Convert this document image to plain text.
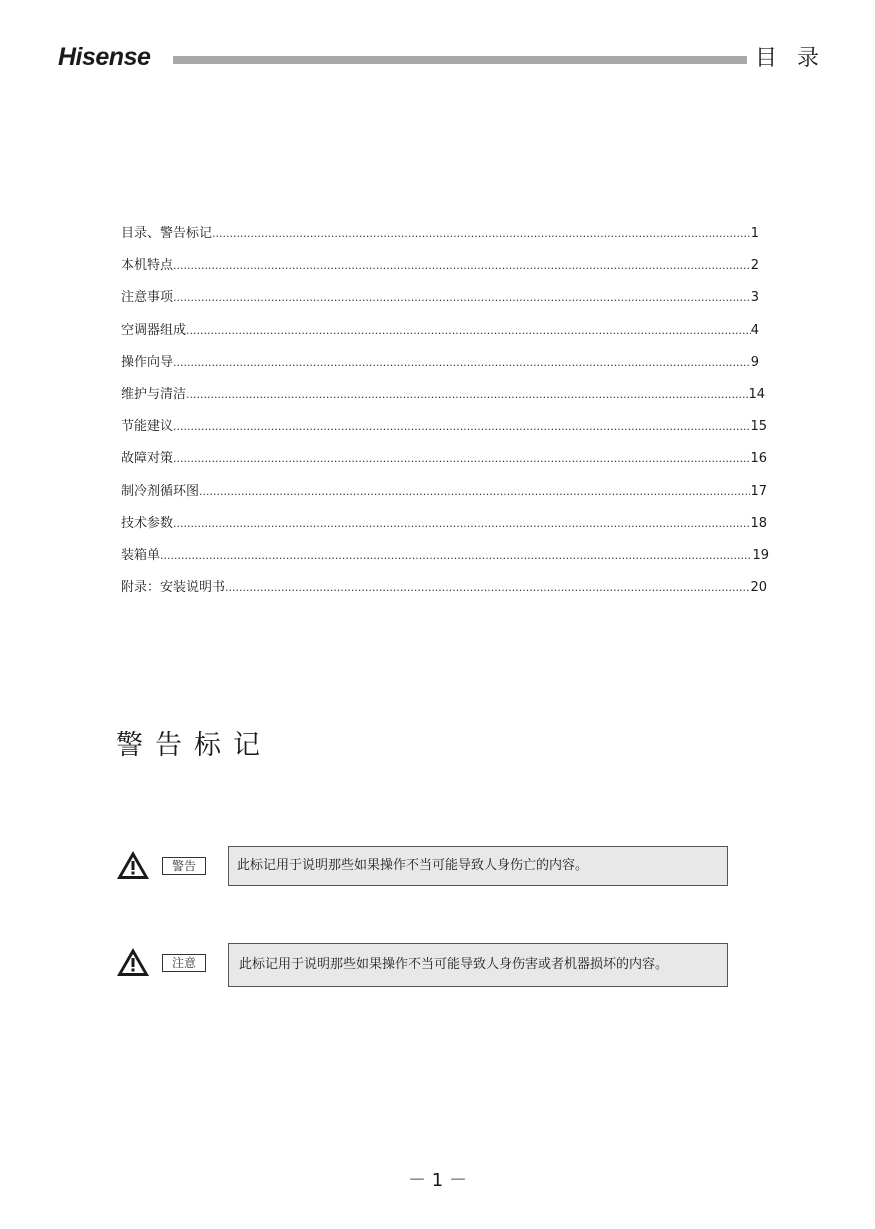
Hisense	目录
目录、警告标记 .....	1
本机特点 .....	2
注意事项 .....	3
空调器组成 .....	4
操作向导 .....	9
维护与清洁 .....	14
节能建议 .....	15
故障对策 .....	16
制冷剂循环图 .....	17
技术参数 .....	18
装箱单 .....	19
附录：安装说明书 .....	20
警告标记
警告	此标记用于说明那些如果操作不当可能导致人身伤亡的内容。
注意	此标记用于说明那些如果操作不当可能导致人身伤害或者机器损坏的内容。
－ 1 －
